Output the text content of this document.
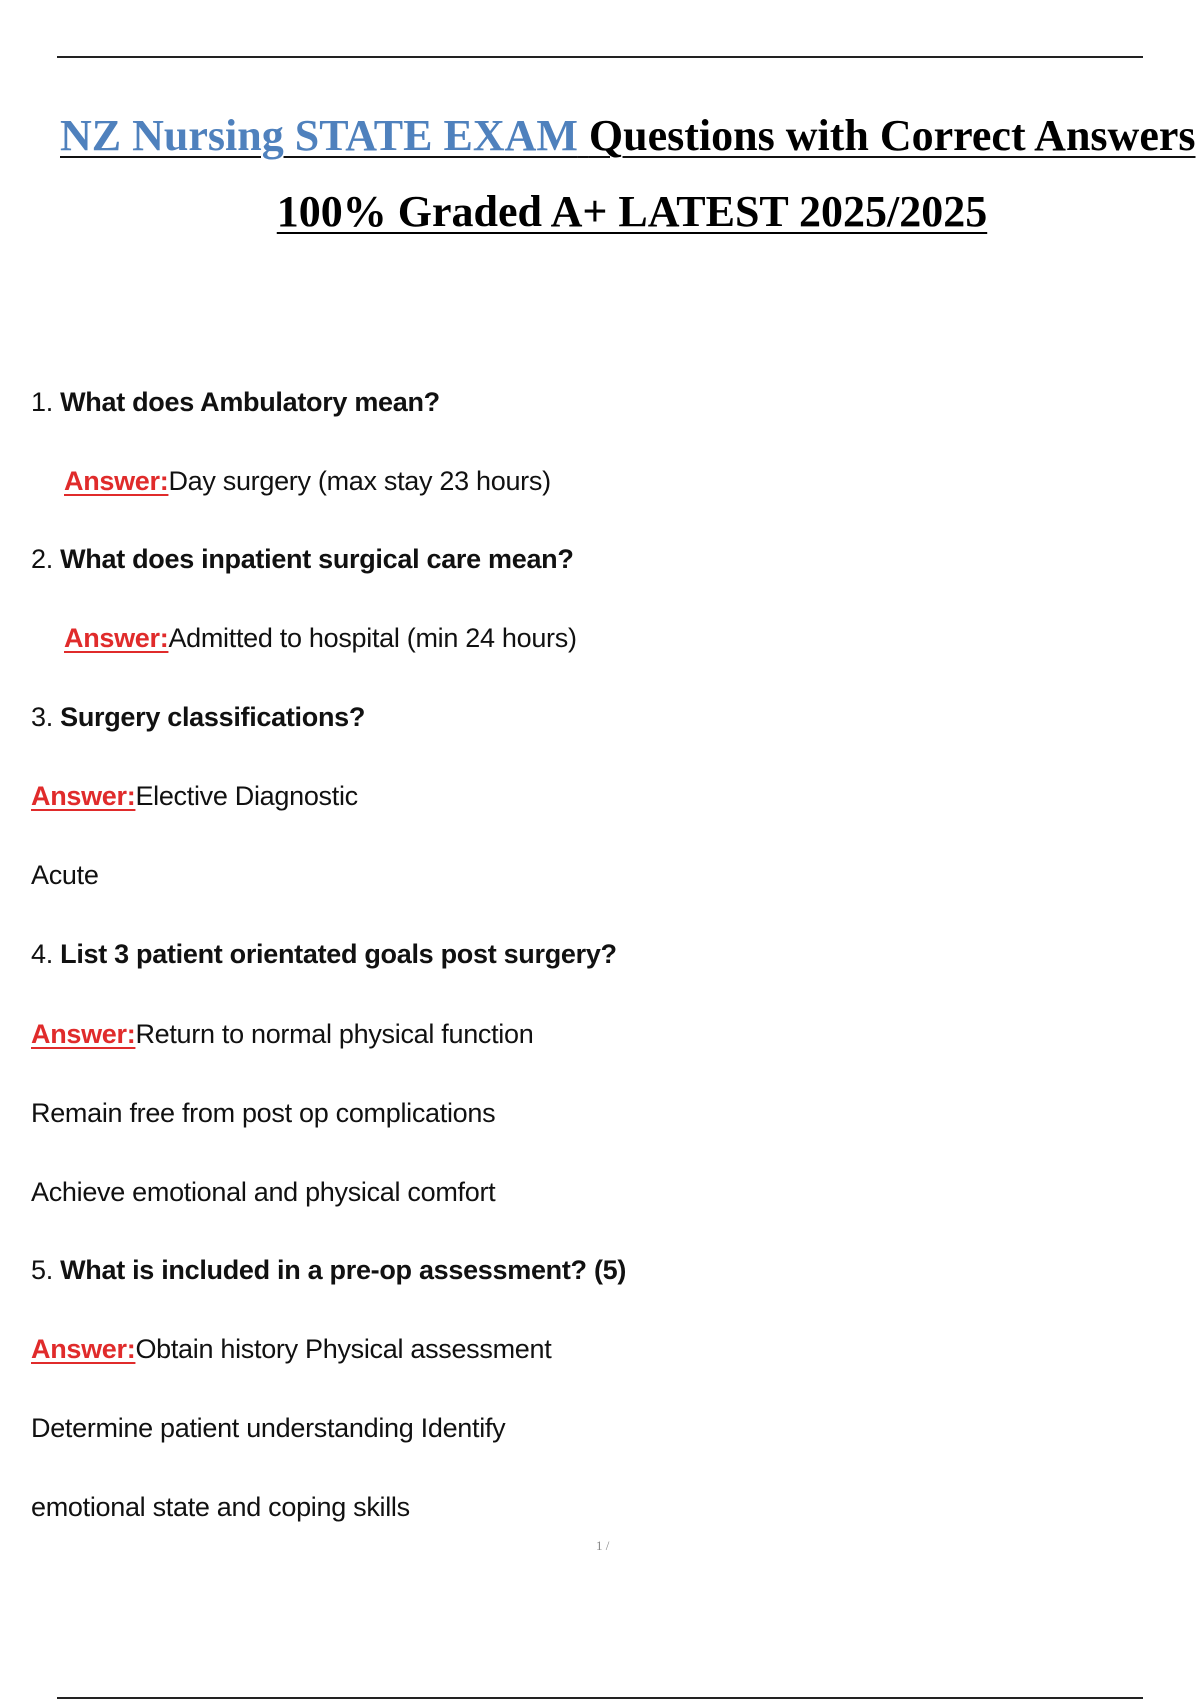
NZ Nursing STATE EXAM Questions with Correct Answers
100% Graded A+ LATEST 2025/2025
1. What does Ambulatory mean?
Answer:Day surgery (max stay 23 hours)
2. What does inpatient surgical care mean?
Answer:Admitted to hospital (min 24 hours)
3. Surgery classifications?
Answer:Elective Diagnostic
Acute
4. List 3 patient orientated goals post surgery?
Answer:Return to normal physical function
Remain free from post op complications
Achieve emotional and physical comfort
5. What is included in a pre-op assessment? (5)
Answer:Obtain history Physical assessment
Determine patient understanding Identify
emotional state and coping skills
1 /
